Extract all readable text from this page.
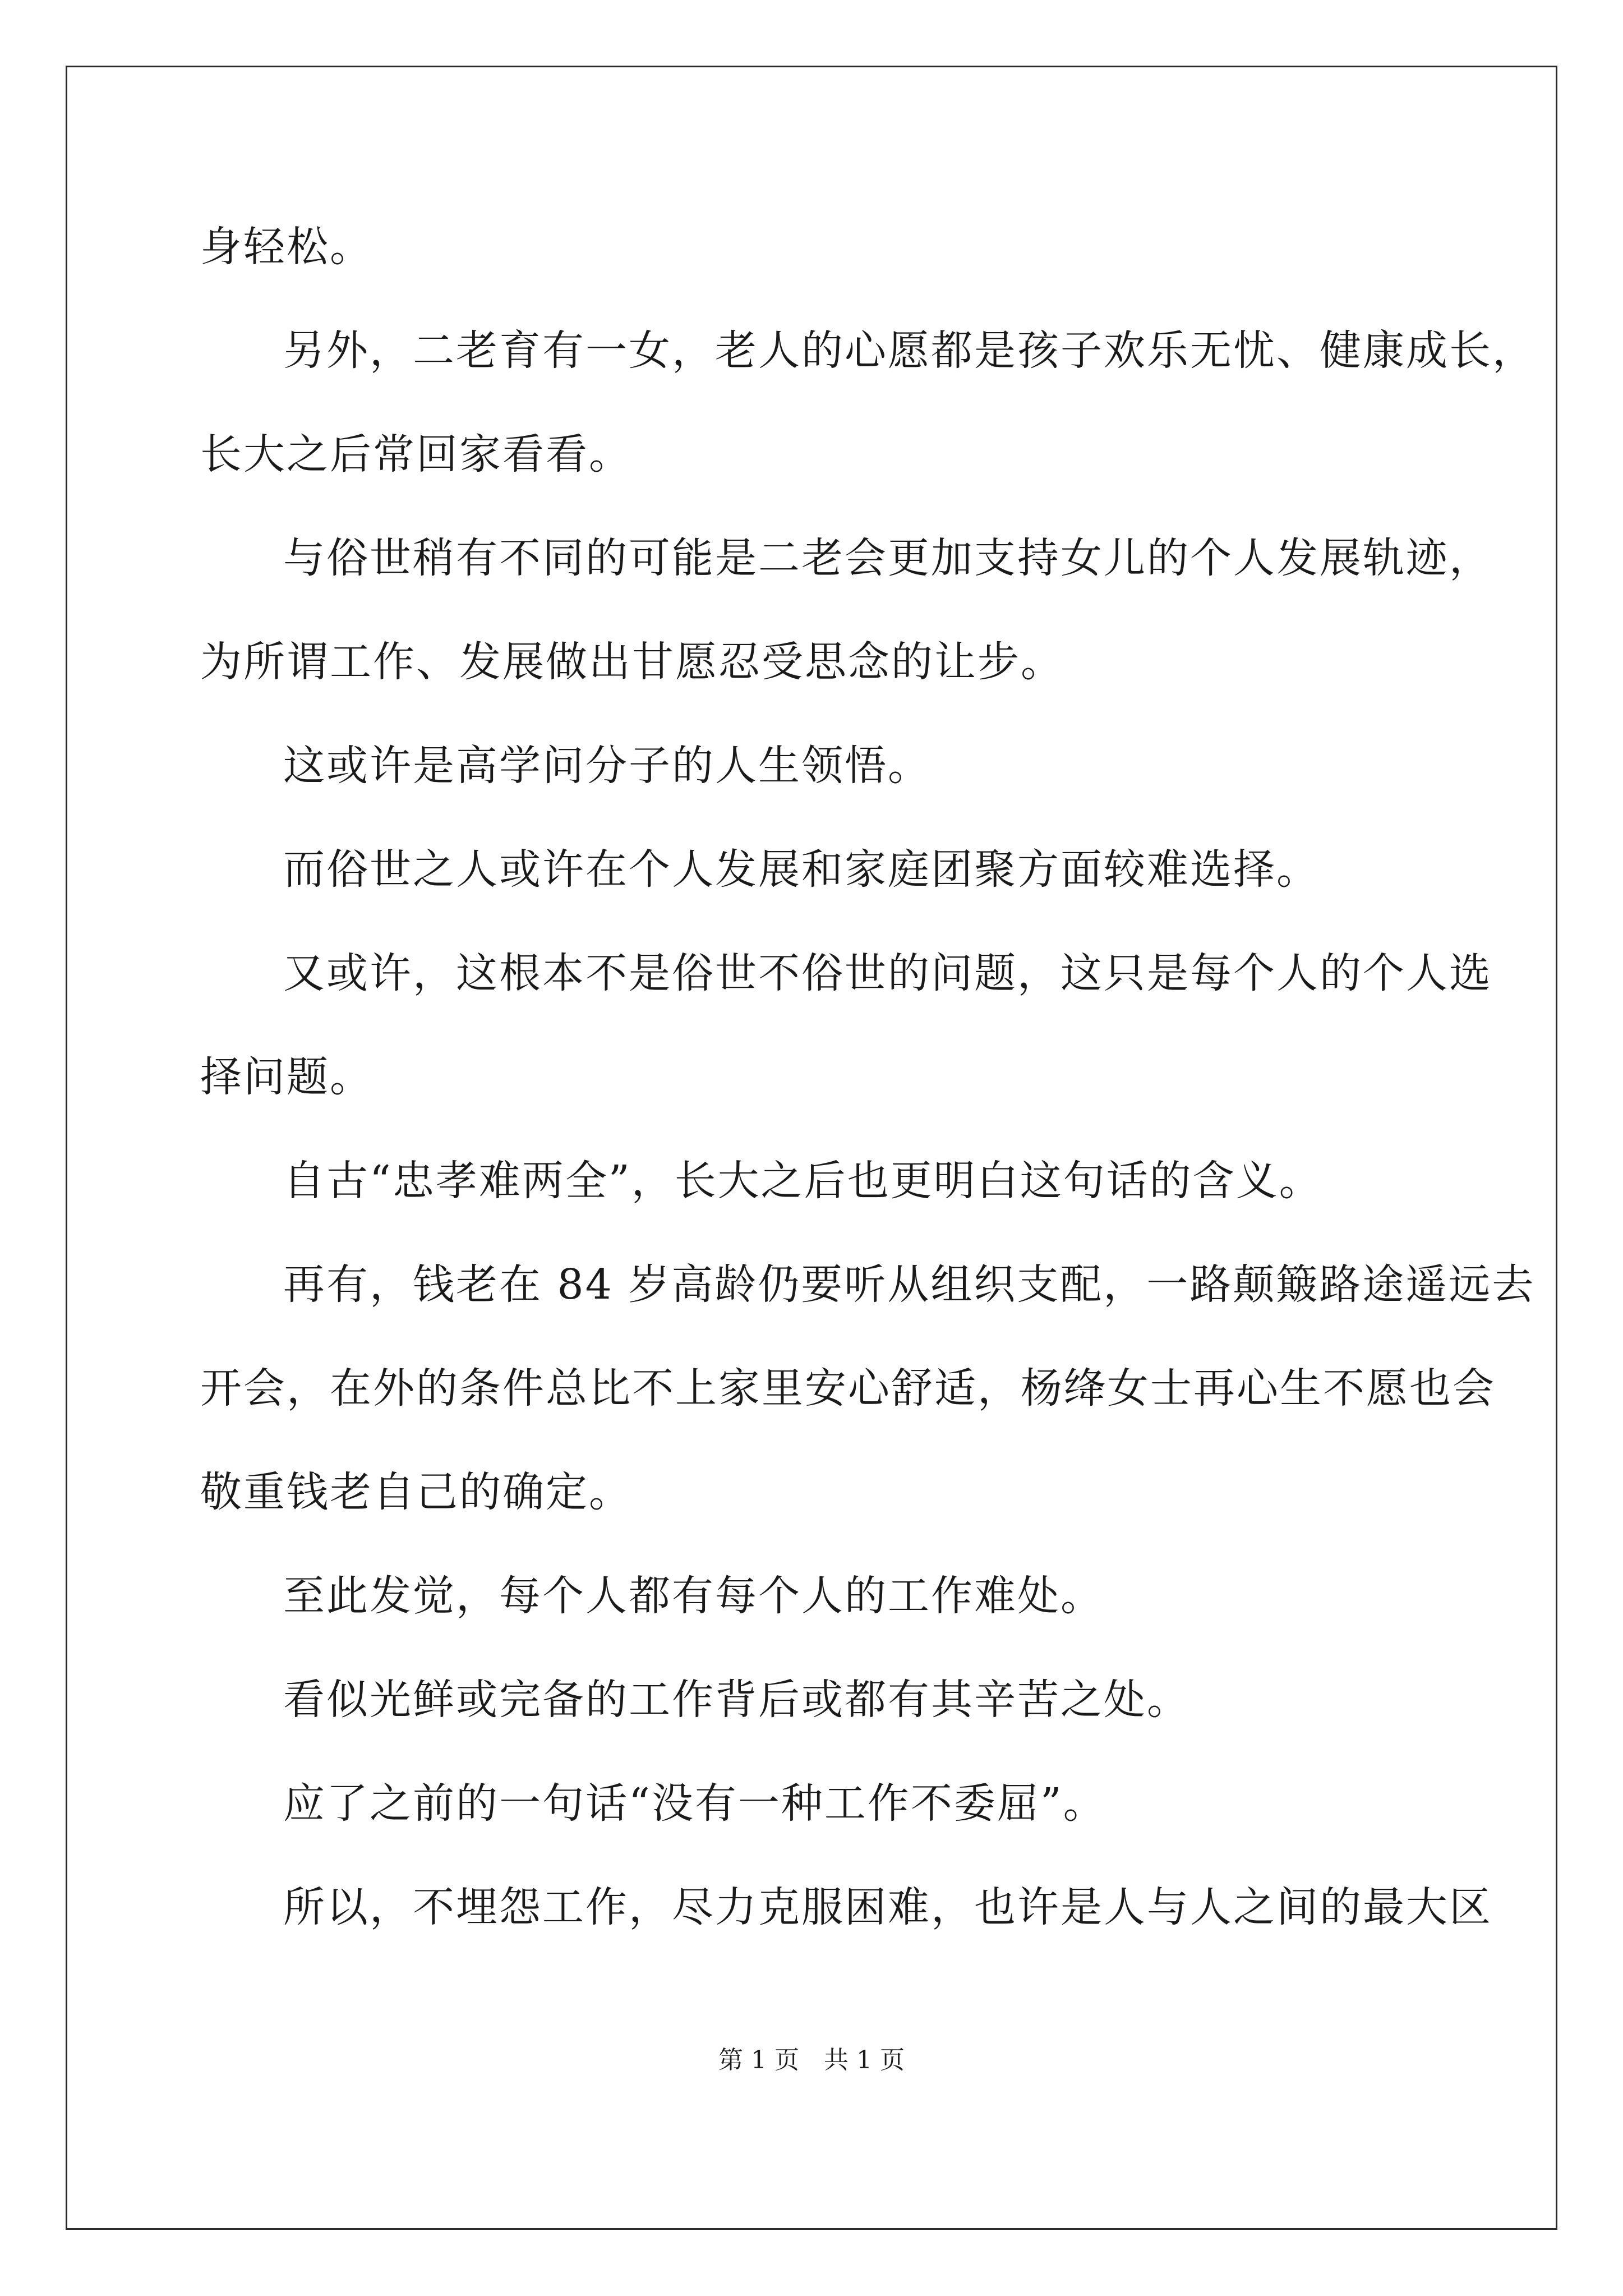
身轻松。
另外，二老育有一女，老人的心愿都是孩子欢乐无忧、健康成长，
长大之后常回家看看。
与俗世稍有不同的可能是二老会更加支持女儿的个人发展轨迹，
为所谓工作、发展做出甘愿忍受思念的让步。
这或许是高学问分子的人生领悟。
而俗世之人或许在个人发展和家庭团聚方面较难选择。
又或许，这根本不是俗世不俗世的问题，这只是每个人的个人选
择问题。
自古“忠孝难两全”，长大之后也更明白这句话的含义。
再有，钱老在 84 岁高龄仍要听从组织支配，一路颠簸路途遥远去
开会，在外的条件总比不上家里安心舒适，杨绛女士再心生不愿也会
敬重钱老自己的确定。
至此发觉，每个人都有每个人的工作难处。
看似光鲜或完备的工作背后或都有其辛苦之处。
应了之前的一句话“没有一种工作不委屈”。
所以，不埋怨工作，尽力克服困难，也许是人与人之间的最大区
第 1 页　共 1 页
